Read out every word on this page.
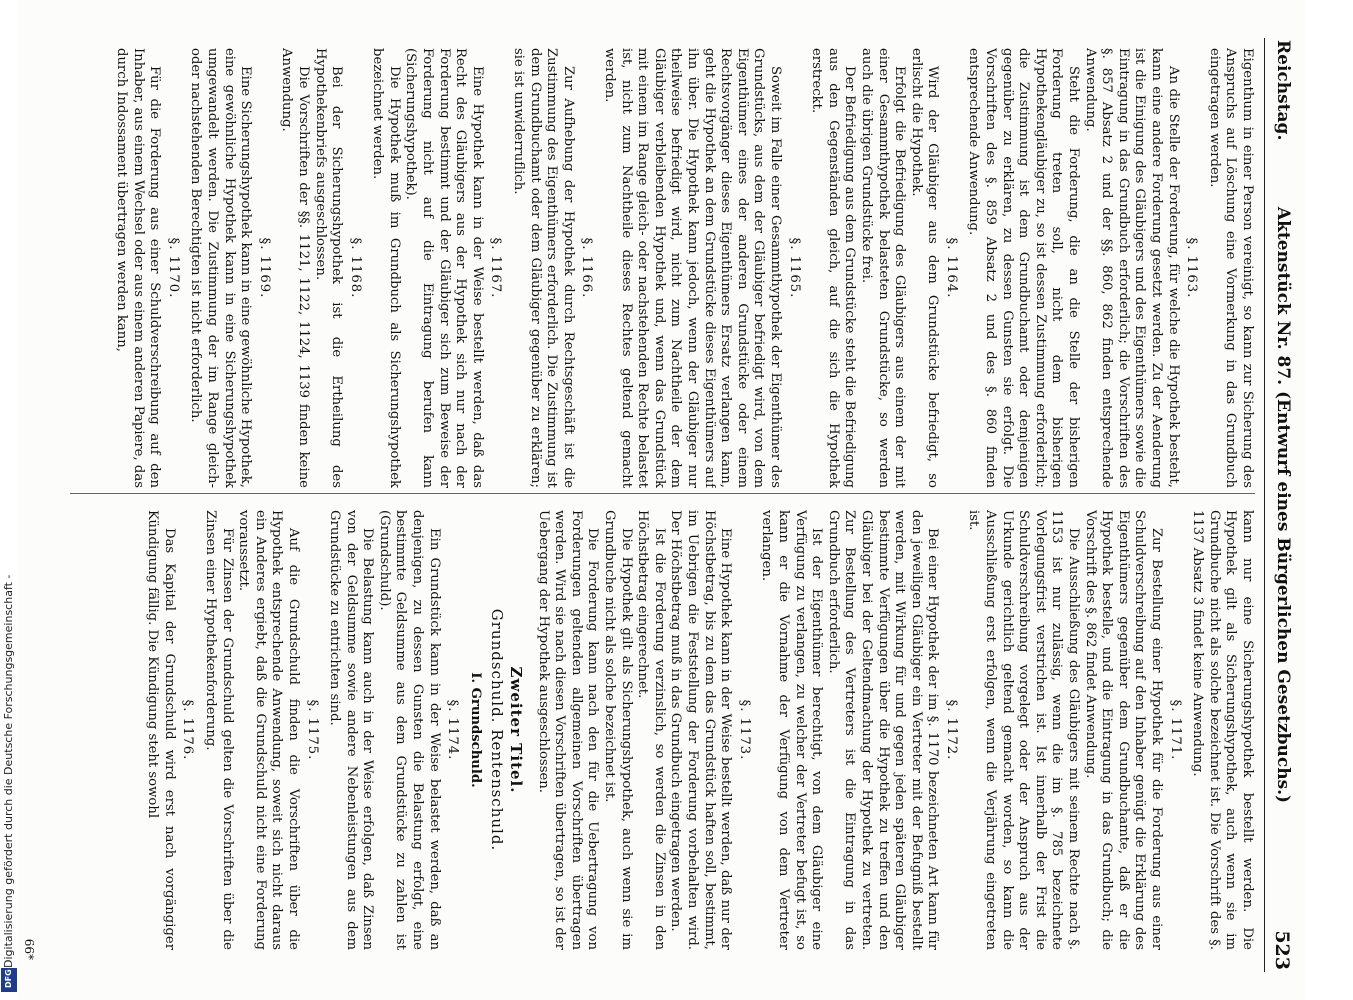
Reichstag.
Aktenstück Nr. 87. (Entwurf eines Bürgerlichen Gesetzbuchs.)
523

Eigenthum in einer Person vereinigt, so kann zur Sicherung des Anspruchs auf Löschung eine Vormerkung in das Grundbuch eingetragen werden.

§. 1163.

An die Stelle der Forderung, für welche die Hypothek besteht, kann eine andere Forderung gesetzt werden. Zu der Aenderung ist die Einigung des Gläubigers und des Eigenthümers sowie die Eintragung in das Grundbuch erforderlich; die Vorschriften des §. 857 Absatz 2 und der §§. 860, 862 finden entsprechende Anwendung.

Steht die Forderung, die an die Stelle der bisherigen Forderung treten soll, nicht dem bisherigen Hypothekengläubiger zu, so ist dessen Zustimmung erforderlich; die Zustimmung ist dem Grundbuchamt oder demjenigen gegenüber zu erklären, zu dessen Gunsten sie erfolgt. Die Vorschriften des §. 859 Absatz 2 und des §. 860 finden entsprechende Anwendung.

§. 1164.

Wird der Gläubiger aus dem Grundstücke befriedigt, so erlischt die Hypothek.

Erfolgt die Befriedigung des Gläubigers aus einem der mit einer Gesammthypothek belasteten Grundstücke, so werden auch die übrigen Grundstücke frei.

Der Befriedigung aus dem Grundstücke steht die Befriedigung aus den Gegenständen gleich, auf die sich die Hypothek erstreckt.

§. 1165.

Soweit im Falle einer Gesammthypothek der Eigenthümer des Grundstücks, aus dem der Gläubiger befriedigt wird, von dem Eigenthümer eines der anderen Grundstücke oder einem Rechtsvorgänger dieses Eigenthümers Ersatz verlangen kann, geht die Hypothek an dem Grundstücke dieses Eigenthümers auf ihn über. Die Hypothek kann jedoch, wenn der Gläubiger nur theilweise befriedigt wird, nicht zum Nachtheile der dem Gläubiger verbleibenden Hypothek und, wenn das Grundstück mit einem im Range gleich- oder nachstehenden Rechte belastet ist, nicht zum Nachtheile dieses Rechtes geltend gemacht werden.

§. 1166.

Zur Aufhebung der Hypothek durch Rechtsgeschäft ist die Zustimmung des Eigenthümers erforderlich. Die Zustimmung ist dem Grundbuchamt oder dem Gläubiger gegenüber zu erklären; sie ist unwiderruflich.

§. 1167.

Eine Hypothek kann in der Weise bestellt werden, daß das Recht des Gläubigers aus der Hypothek sich nur nach der Forderung bestimmt und der Gläubiger sich zum Beweise der Forderung nicht auf die Eintragung berufen kann (Sicherungshypothek).

Die Hypothek muß im Grundbuch als Sicherungshypothek bezeichnet werden.

§. 1168.

Bei der Sicherungshypothek ist die Ertheilung des Hypothekenbriefs ausgeschlossen.

Die Vorschriften der §§. 1121, 1122, 1124, 1139 finden keine Anwendung.

§. 1169.

Eine Sicherungshypothek kann in eine gewöhnliche Hypothek, eine gewöhnliche Hypothek kann in eine Sicherungshypothek umgewandelt werden. Die Zustimmung der im Range gleich- oder nachstehenden Berechtigten ist nicht erforderlich.

§. 1170.

Für die Forderung aus einer Schuldverschreibung auf den Inhaber, aus einem Wechsel oder aus einem anderen Papiere, das durch Indossament übertragen werden kann,

kann nur eine Sicherungshypothek bestellt werden. Die Hypothek gilt als Sicherungshypothek, auch wenn sie im Grundbuche nicht als solche bezeichnet ist. Die Vorschrift des §. 1137 Absatz 3 findet keine Anwendung.

§. 1171.

Zur Bestellung einer Hypothek für die Forderung aus einer Schuldverschreibung auf den Inhaber genügt die Erklärung des Eigenthümers gegenüber dem Grundbuchamte, daß er die Hypothek bestelle, und die Eintragung in das Grundbuch; die Vorschrift des §. 862 findet Anwendung.

Die Ausschließung des Gläubigers mit seinem Rechte nach §. 1153 ist nur zulässig, wenn die im §. 785 bezeichnete Vorlegungsfrist verstrichen ist. Ist innerhalb der Frist die Schuldverschreibung vorgelegt oder der Anspruch aus der Urkunde gerichtlich geltend gemacht worden, so kann die Ausschließung erst erfolgen, wenn die Verjährung eingetreten ist.

§. 1172.

Bei einer Hypothek der im §. 1170 bezeichneten Art kann für den jeweiligen Gläubiger ein Vertreter mit der Befugniß bestellt werden, mit Wirkung für und gegen jeden späteren Gläubiger bestimmte Verfügungen über die Hypothek zu treffen und den Gläubiger bei der Geltendmachung der Hypothek zu vertreten. Zur Bestellung des Vertreters ist die Eintragung in das Grundbuch erforderlich.

Ist der Eigenthümer berechtigt, von dem Gläubiger eine Verfügung zu verlangen, zu welcher der Vertreter befugt ist, so kann er die Vornahme der Verfügung von dem Vertreter verlangen.

§. 1173.

Eine Hypothek kann in der Weise bestellt werden, daß nur der Höchstbetrag, bis zu dem das Grundstück haften soll, bestimmt, im Uebrigen die Feststellung der Forderung vorbehalten wird. Der Höchstbetrag muß in das Grundbuch eingetragen werden.

Ist die Forderung verzinslich, so werden die Zinsen in den Höchstbetrag eingerechnet.

Die Hypothek gilt als Sicherungshypothek, auch wenn sie im Grundbuche nicht als solche bezeichnet ist.

Die Forderung kann nach den für die Uebertragung von Forderungen geltenden allgemeinen Vorschriften übertragen werden. Wird sie nach diesen Vorschriften übertragen, so ist der Uebergang der Hypothek ausgeschlossen.

Zweiter Titel.
Grundschuld. Rentenschuld.
I. Grundschuld.
§. 1174.

Ein Grundstück kann in der Weise belastet werden, daß an denjenigen, zu dessen Gunsten die Belastung erfolgt, eine bestimmte Geldsumme aus dem Grundstücke zu zahlen ist (Grundschuld).

Die Belastung kann auch in der Weise erfolgen, daß Zinsen von der Geldsumme sowie andere Nebenleistungen aus dem Grundstücke zu entrichten sind.

§. 1175.

Auf die Grundschuld finden die Vorschriften über die Hypothek entsprechende Anwendung, soweit sich nicht daraus ein Anderes ergiebt, daß die Grundschuld nicht eine Forderung voraussetzt.

Für Zinsen der Grundschuld gelten die Vorschriften über die Zinsen einer Hypothekenforderung.

§. 1176.

Das Kapital der Grundschuld wird erst nach vorgängiger Kündigung fällig. Die Kündigung steht sowohl

66*
Digitalisierung gefördert durch die Deutsche Forschungsgemeinschaft -
DFG
